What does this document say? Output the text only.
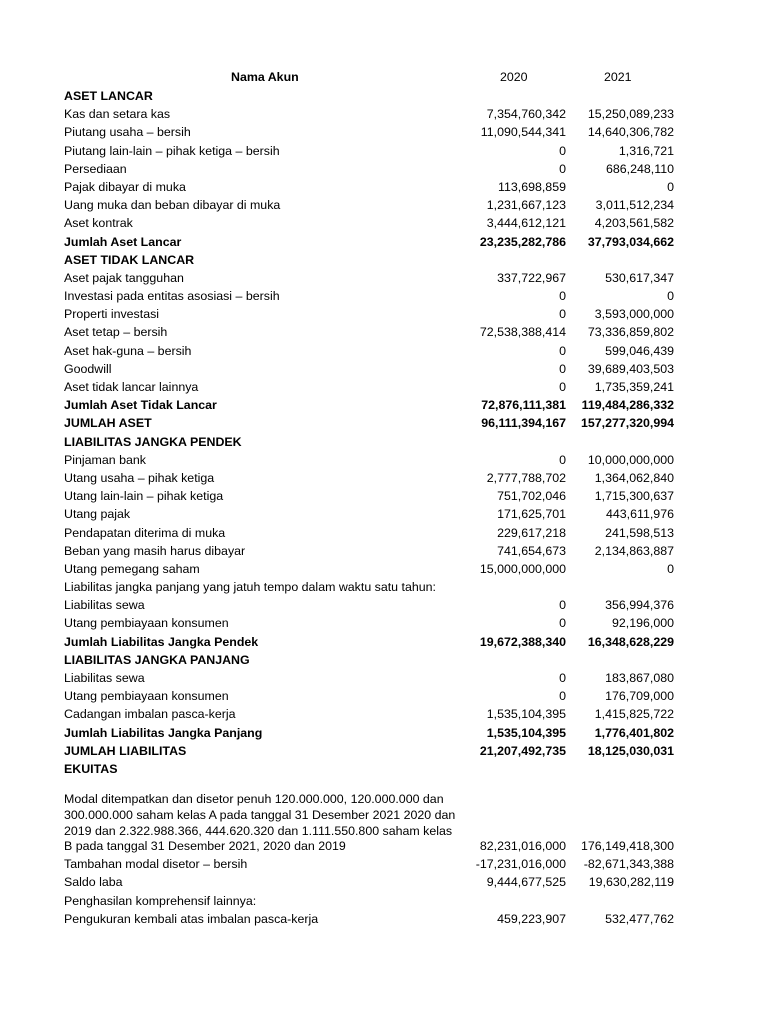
Nama Akun	2020	2021
ASET LANCAR
Kas dan setara kas	7,354,760,342 15,250,089,233
Piutang usaha – bersih	11,090,544,341 14,640,306,782
Piutang lain-lain – pihak ketiga – bersih	0	1,316,721
Persediaan	0	686,248,110
Pajak dibayar di muka	113,698,859	0
Uang muka dan beban dibayar di muka	1,231,667,123 3,011,512,234
Aset kontrak	3,444,612,121 4,203,561,582
Jumlah Aset Lancar	23,235,282,786 37,793,034,662
ASET TIDAK LANCAR
Aset pajak tangguhan	337,722,967	530,617,347
Investasi pada entitas asosiasi – bersih	0	0
Properti investasi	0 3,593,000,000
Aset tetap – bersih	72,538,388,414 73,336,859,802
Aset hak-guna – bersih	0	599,046,439
Goodwill	0 39,689,403,503
Aset tidak lancar lainnya	0 1,735,359,241
Jumlah Aset Tidak Lancar	72,876,111,381 119,484,286,332
JUMLAH ASET	96,111,394,167 157,277,320,994
LIABILITAS JANGKA PENDEK
Pinjaman bank	0 10,000,000,000
Utang usaha – pihak ketiga	2,777,788,702 1,364,062,840
Utang lain-lain – pihak ketiga	751,702,046 1,715,300,637
Utang pajak	171,625,701	443,611,976
Pendapatan diterima di muka	229,617,218	241,598,513
Beban yang masih harus dibayar	741,654,673 2,134,863,887
Utang pemegang saham	15,000,000,000	0
Liabilitas jangka panjang yang jatuh tempo dalam waktu satu tahun:
Liabilitas sewa	0	356,994,376
Utang pembiayaan konsumen	0	92,196,000
Jumlah Liabilitas Jangka Pendek	19,672,388,340 16,348,628,229
LIABILITAS JANGKA PANJANG
Liabilitas sewa	0	183,867,080
Utang pembiayaan konsumen	0	176,709,000
Cadangan imbalan pasca-kerja	1,535,104,395 1,415,825,722
Jumlah Liabilitas Jangka Panjang	1,535,104,395 1,776,401,802
JUMLAH LIABILITAS	21,207,492,735 18,125,030,031
EKUITAS
Modal ditempatkan dan disetor penuh 120.000.000, 120.000.000 dan
300.000.000 saham kelas A pada tanggal 31 Desember 2021 2020 dan
2019 dan 2.322.988.366, 444.620.320 dan 1.111.550.800 saham kelas
B pada tanggal 31 Desember 2021, 2020 dan 2019	82,231,016,000 176,149,418,300
Tambahan modal disetor – bersih	-17,231,016,000 -82,671,343,388
Saldo laba	9,444,677,525 19,630,282,119
Penghasilan komprehensif lainnya:
Pengukuran kembali atas imbalan pasca-kerja	459,223,907	532,477,762
